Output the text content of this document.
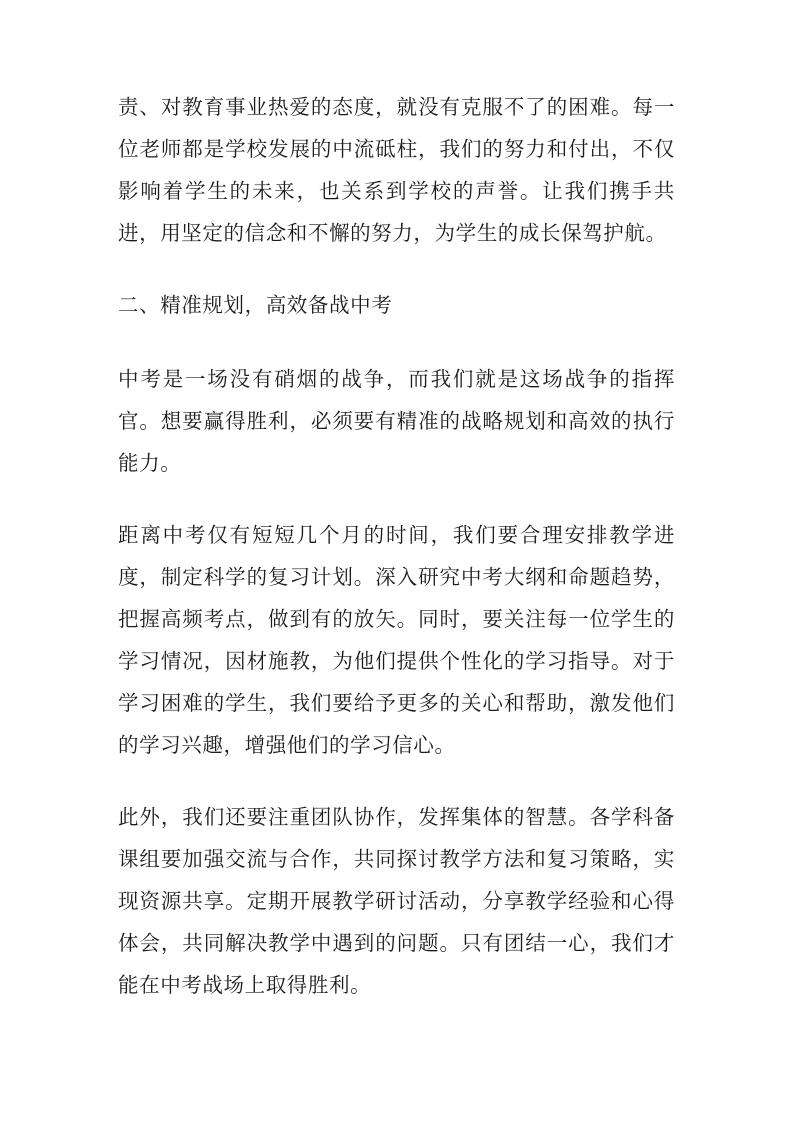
责、对教育事业热爱的态度，就没有克服不了的困难。每一位老师都是学校发展的中流砥柱，我们的努力和付出，不仅影响着学生的未来，也关系到学校的声誉。让我们携手共进，用坚定的信念和不懈的努力，为学生的成长保驾护航。

二、精准规划，高效备战中考

中考是一场没有硝烟的战争，而我们就是这场战争的指挥官。想要赢得胜利，必须要有精准的战略规划和高效的执行能力。

距离中考仅有短短几个月的时间，我们要合理安排教学进度，制定科学的复习计划。深入研究中考大纲和命题趋势，把握高频考点，做到有的放矢。同时，要关注每一位学生的学习情况，因材施教，为他们提供个性化的学习指导。对于学习困难的学生，我们要给予更多的关心和帮助，激发他们的学习兴趣，增强他们的学习信心。

此外，我们还要注重团队协作，发挥集体的智慧。各学科备课组要加强交流与合作，共同探讨教学方法和复习策略，实现资源共享。定期开展教学研讨活动，分享教学经验和心得体会，共同解决教学中遇到的问题。只有团结一心，我们才能在中考战场上取得胜利。
